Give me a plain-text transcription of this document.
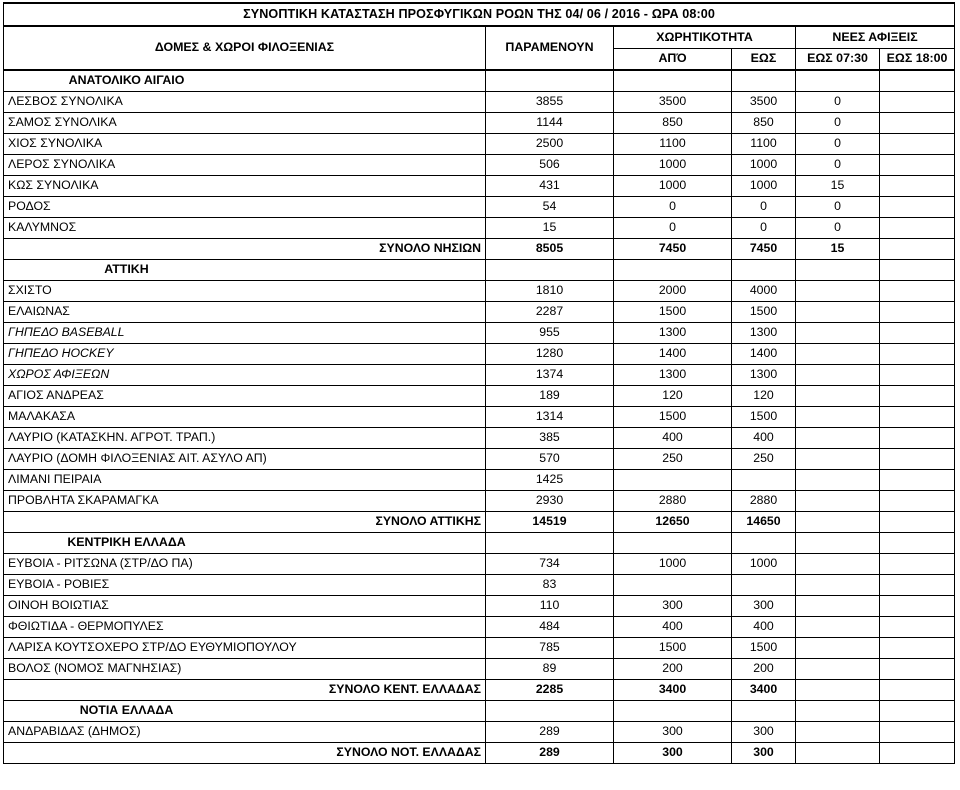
ΣΥΝΟΠΤΙΚΗ ΚΑΤΑΣΤΑΣΗ ΠΡΟΣΦΥΓΙΚΩΝ ΡΟΩΝ ΤΗΣ 04/ 06 / 2016 - ΩΡΑ 08:00					
ΔΟΜΕΣ & ΧΩΡΟΙ ΦΙΛΟΞΕΝΙΑΣ	ΠΑΡΑΜΕΝΟΥΝ	ΧΩΡΗΤΙΚΟΤΗΤΑ		ΝΕΕΣ ΑΦΙΞΕΙΣ	
		ΑΠΌ	ΕΩΣ	ΕΩΣ 07:30	ΕΩΣ 18:00
ΑΝΑΤΟΛΙΚΟ ΑΙΓΑΙΟ					
ΛΕΣΒΟΣ ΣΥΝΟΛΙΚΑ	3855	3500	3500	0	
ΣΑΜΟΣ ΣΥΝΟΛΙΚΑ	1144	850	850	0	
ΧΙΟΣ ΣΥΝΟΛΙΚΑ	2500	1100	1100	0	
ΛΕΡΟΣ ΣΥΝΟΛΙΚΑ	506	1000	1000	0	
ΚΩΣ ΣΥΝΟΛΙΚΑ	431	1000	1000	15	
ΡΟΔΟΣ	54	0	0	0	
ΚΑΛΥΜΝΟΣ	15	0	0	0	
ΣΥΝΟΛΟ ΝΗΣΙΩΝ	8505	7450	7450	15	
ΑΤΤΙΚΗ					
ΣΧΙΣΤΟ	1810	2000	4000		
ΕΛΑΙΩΝΑΣ	2287	1500	1500		
ΓΗΠΕΔΟ BASEBALL	955	1300	1300		
ΓΗΠΕΔΟ HOCKEY	1280	1400	1400		
ΧΩΡΟΣ ΑΦΙΞΕΩΝ	1374	1300	1300		
ΑΓΙΟΣ ΑΝΔΡΕΑΣ	189	120	120		
ΜΑΛΑΚΑΣΑ	1314	1500	1500		
ΛΑΥΡΙΟ (ΚΑΤΑΣΚΗΝ. ΑΓΡΟΤ. ΤΡΑΠ.)	385	400	400		
ΛΑΥΡΙΟ (ΔΟΜΗ ΦΙΛΟΞΕΝΙΑΣ ΑΙΤ. ΑΣΥΛΟ ΑΠ)	570	250	250		
ΛΙΜΑΝΙ ΠΕΙΡΑΙΑ	1425				
ΠΡΟΒΛΗΤΑ ΣΚΑΡΑΜΑΓΚΑ	2930	2880	2880		
ΣΥΝΟΛΟ ΑΤΤΙΚΗΣ	14519	12650	14650		
ΚΕΝΤΡΙΚΗ ΕΛΛΑΔΑ					
ΕΥΒΟΙΑ - ΡΙΤΣΩΝΑ (ΣΤΡ/ΔΟ ΠΑ)	734	1000	1000		
ΕΥΒΟΙΑ - ΡΟΒΙΕΣ	83				
ΟΙΝΟΗ ΒΟΙΩΤΙΑΣ	110	300	300		
ΦΘΙΩΤΙΔΑ - ΘΕΡΜΟΠΥΛΕΣ	484	400	400		
ΛΑΡΙΣΑ ΚΟΥΤΣΟΧΕΡΟ ΣΤΡ/ΔΟ ΕΥΘΥΜΙΟΠΟΥΛΟΥ	785	1500	1500		
ΒΟΛΟΣ (ΝΟΜΟΣ ΜΑΓΝΗΣΙΑΣ)	89	200	200		
ΣΥΝΟΛΟ ΚΕΝΤ. ΕΛΛΑΔΑΣ	2285	3400	3400		
ΝΟΤΙΑ ΕΛΛΑΔΑ					
ΑΝΔΡΑΒΙΔΑΣ (ΔΗΜΟΣ)	289	300	300		
ΣΥΝΟΛΟ ΝΟΤ. ΕΛΛΑΔΑΣ	289	300	300		
